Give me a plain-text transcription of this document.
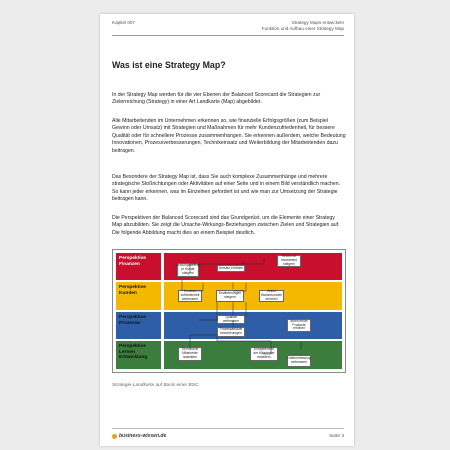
Kapitel 007	Strategy Maps entwickeln
Funktion und Aufbau einer Strategy Map
Was ist eine Strategy Map?

In der Strategy Map werden für die vier Ebenen der Balanced Scorecard die Strategien zur Zielerreichung (Strategy) in einer Art Landkarte (Map) abgebildet.

Alle Mitarbeitenden im Unternehmen erkennen so, wie finanzielle Erfolgsgrößen (zum Beispiel Gewinn oder Umsatz) mit Strategien und Maßnahmen für mehr Kundenzufriedenheit, für bessere Qualität oder für schnellere Prozesse zusammenhängen. Sie erkennen außerdem, welche Bedeutung Innovationen, Prozessverbesserungen, Technikeinsatz und Weiterbildung der Mitarbeitenden dazu beitragen.

Das Besondere der Strategy Map ist, dass Sie auch komplexe Zusammenhänge und mehrere strategische Stoßrichtungen oder Aktivitäten auf einer Seite und in einem Bild verständlich machen. So kann jeder erkennen, was im Einzelnen gefordert ist und wie man zur Umsetzung der Strategie beitragen kann.

Die Perspektiven der Balanced Scorecard sind das Grundgerüst, um die Elemente einer Strategy Map abzubilden. Sie zeigt die Ursache-Wirkungs-Beziehungen zwischen Zielen und Strategien auf. Die folgende Abbildung macht dies an einem Beispiel deutlich.

Perspektive Finanzen
Return on Investment steigern
Deckungsbeitrag je Kunde steigern
Umsatz erhöhen
Perspektive Kunden	Kunden-zufriedenheit verbessern
Erstlieferungen steigern
Anteil Stammkunden erhöhen
Perspektive Prozesse
Qualität verbessern	Anteil neuer Produkte erhöhen
Prozessabläufe beschleunigen
Perspektive Lernen Entwicklung
Technische Mitarbeiter ausbilden
Kompetenzen der Mitarbeiter erweitern	Datenerfassung verbessern
Strategie-Landkarte auf Basis einer BSC.
business-wissen.de	Seite 3
